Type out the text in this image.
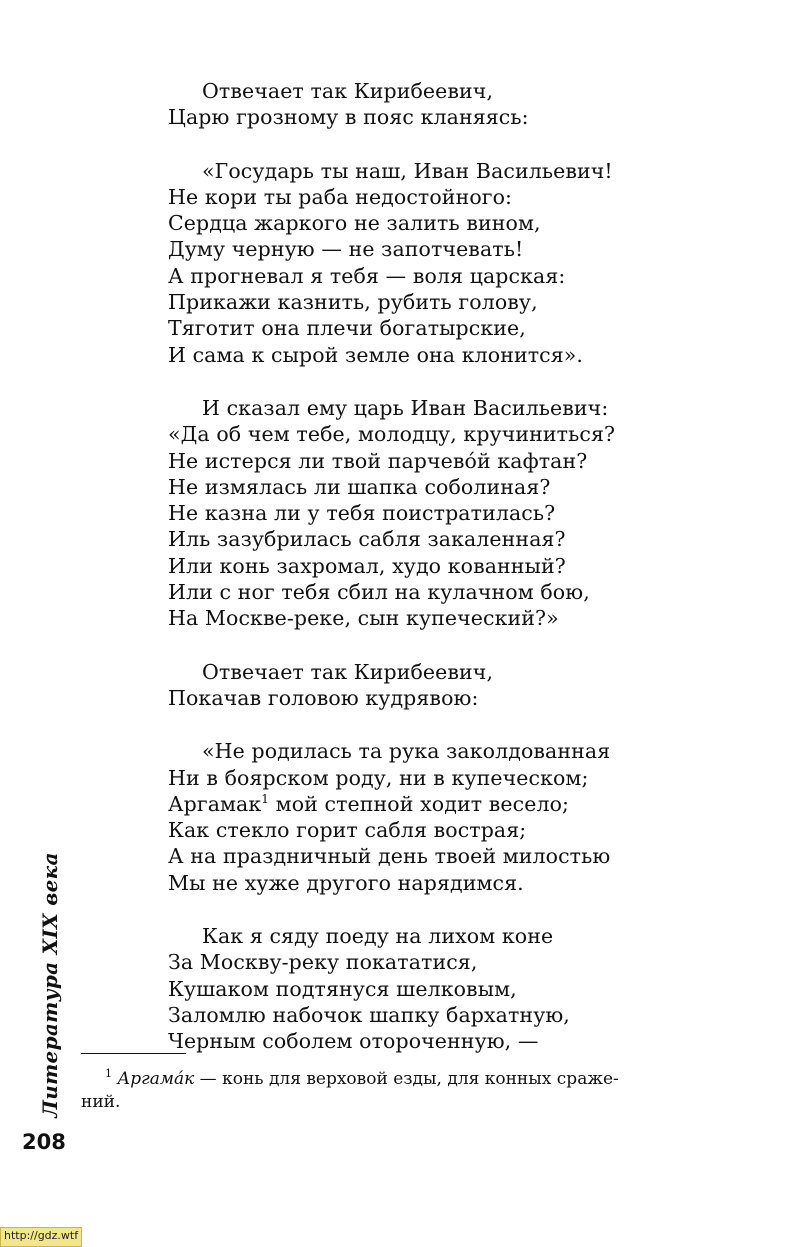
Отвечает так Кирибеевич,
Царю грозному в пояс кланяясь:
«Государь ты наш, Иван Васильевич!
Не кори ты раба недостойного:
Сердца жаркого не залить вином,
Думу черную — не запотчевать!
А прогневал я тебя — воля царская:
Прикажи казнить, рубить голову,
Тяготит она плечи богатырские,
И сама к сырой земле она клонится».
И сказал ему царь Иван Васильевич:
«Да об чем тебе, молодцу, кручиниться?
Не истерся ли твой парчево́й кафтан?
Не измялась ли шапка соболиная?
Не казна ли у тебя поистратилась?
Иль зазубрилась сабля закаленная?
Или конь захромал, худо кованный?
Или с ног тебя сбил на кулачном бою,
На Москве-реке, сын купеческий?»
Отвечает так Кирибеевич,
Покачав головою кудрявою:
«Не родилась та рука заколдованная
Ни в боярском роду, ни в купеческом;
Аргамак$^1$ мой степной ходит весело;
Как стекло горит сабля вострая;
А на праздничный день твоей милостью
Мы не хуже другого нарядимся.
Как я сяду поеду на лихом коне
За Москву-реку покататися,
Кушаком подтянуся шелковым,
Заломлю набочок шапку бархатную,
Черным соболем отороченную, —
$^1$ Аргама́к — конь для верховой езды, для конных сраже-
ний.
Литература XIX века
208
http://gdz.wtf
